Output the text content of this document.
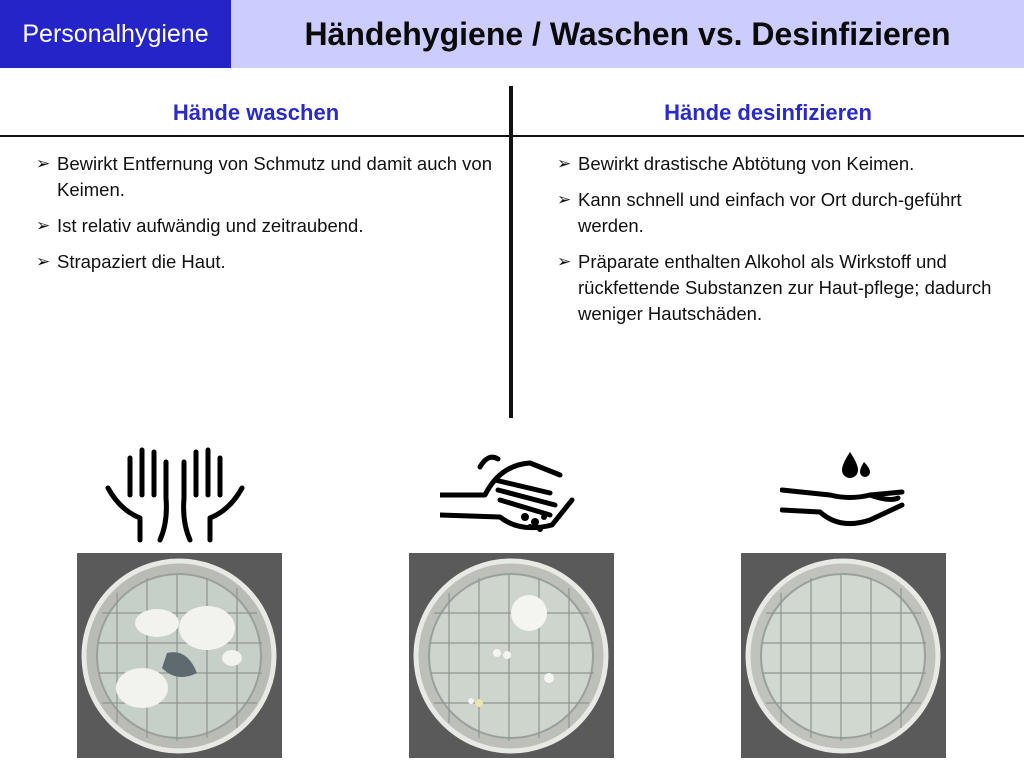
Personalhygiene	Händehygiene / Waschen vs. Desinfizieren
Hände waschen	Hände desinfizieren
➢ Bewirkt Entfernung von Schmutz und damit auch von Keimen.
➢ Ist relativ aufwändig und zeitraubend.
➢ Strapaziert die Haut.
➢ Bewirkt drastische Abtötung von Keimen.
➢ Kann schnell und einfach vor Ort durch-geführt werden.
➢ Präparate enthalten Alkohol als Wirkstoff und rückfettende Substanzen zur Haut-pflege; dadurch weniger Hautschäden.
